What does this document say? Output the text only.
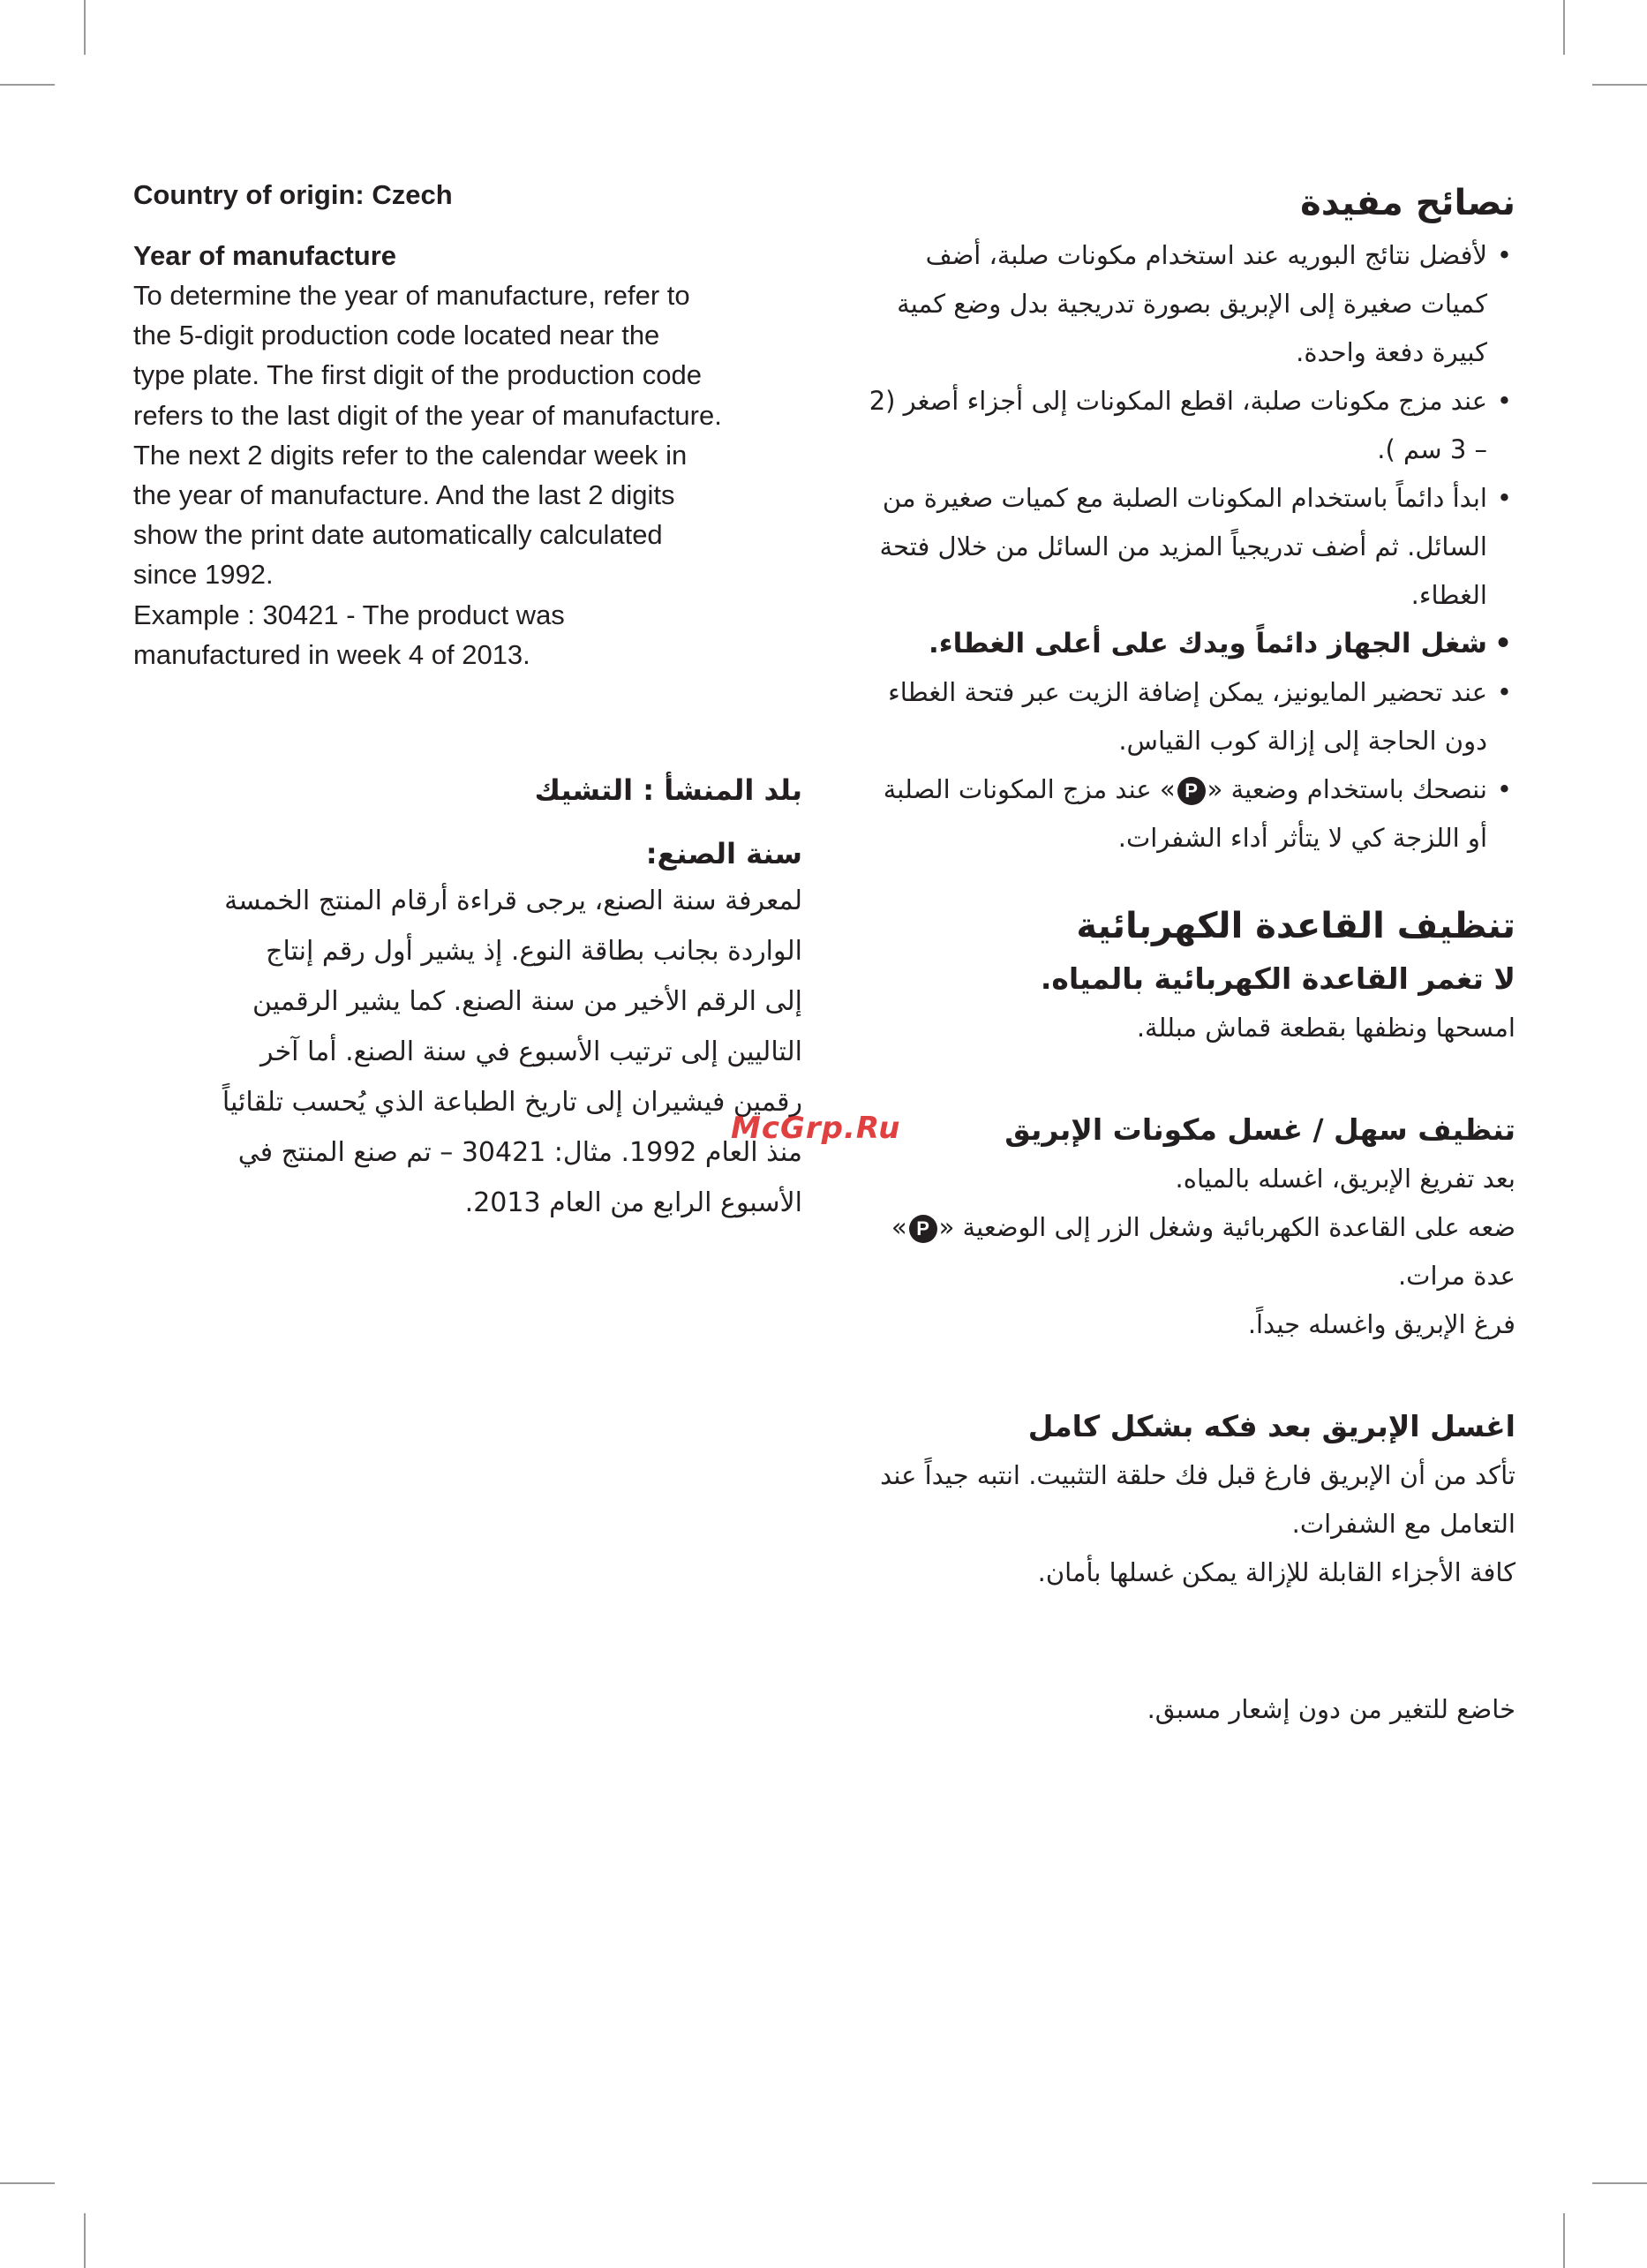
Country of origin: Czech

Year of manufacture

To determine the year of manufacture, refer to

the 5-digit production code located near the

type plate. The first digit of the production code

refers to the last digit of the year of manufacture.

The next 2 digits refer to the calendar week in

the year of manufacture. And the last 2 digits

show the print date automatically calculated

since 1992.

Example : 30421 - The product was

manufactured in week 4 of 2013.

بلد المنشأ : التشيك

سنة الصنع:

لمعرفة سنة الصنع، يرجى قراءة أرقام المنتج الخمسة

الواردة بجانب بطاقة النوع. إذ يشير أول رقم إنتاج

إلى الرقم الأخير من سنة الصنع. كما يشير الرقمين

التاليين إلى ترتيب الأسبوع في سنة الصنع. أما آخر

رقمين فيشيران إلى تاريخ الطباعة الذي يُحسب تلقائياً

منذ العام 1992. مثال: 30421 – تم صنع المنتج في

الأسبوع الرابع من العام 2013.

نصائح مفيدة
•
لأفضل نتائج البوريه عند استخدام مكونات صلبة، أضف كميات صغيرة إلى الإبريق بصورة تدريجية بدل وضع كمية كبيرة دفعة واحدة.
•
عند مزج مكونات صلبة، اقطع المكونات إلى أجزاء أصغر (2 – 3 سم ).
•
ابدأ دائماً باستخدام المكونات الصلبة مع كميات صغيرة من السائل. ثم أضف تدريجياً المزيد من السائل من خلال فتحة الغطاء.
•
شغل الجهاز دائماً ويدك على أعلى الغطاء.
•
عند تحضير المايونيز، يمكن إضافة الزيت عبر فتحة الغطاء دون الحاجة إلى إزالة كوب القياس.
•
ننصحك باستخدام وضعية «P» عند مزج المكونات الصلبة أو اللزجة كي لا يتأثر أداء الشفرات.
تنظيف القاعدة الكهربائية

لا تغمر القاعدة الكهربائية بالمياه.

امسحها ونظفها بقطعة قماش مبللة.

تنظيف سهل / غسل مكونات الإبريق

بعد تفريغ الإبريق، اغسله بالمياه.

ضعه على القاعدة الكهربائية وشغل الزر إلى الوضعية «P» عدة مرات.

فرغ الإبريق واغسله جيداً.

اغسل الإبريق بعد فكه بشكل كامل

تأكد من أن الإبريق فارغ قبل فك حلقة التثبيت. انتبه جيداً عند التعامل مع الشفرات.

كافة الأجزاء القابلة للإزالة يمكن غسلها بأمان.

خاضع للتغير من دون إشعار مسبق.

McGrp.Ru
